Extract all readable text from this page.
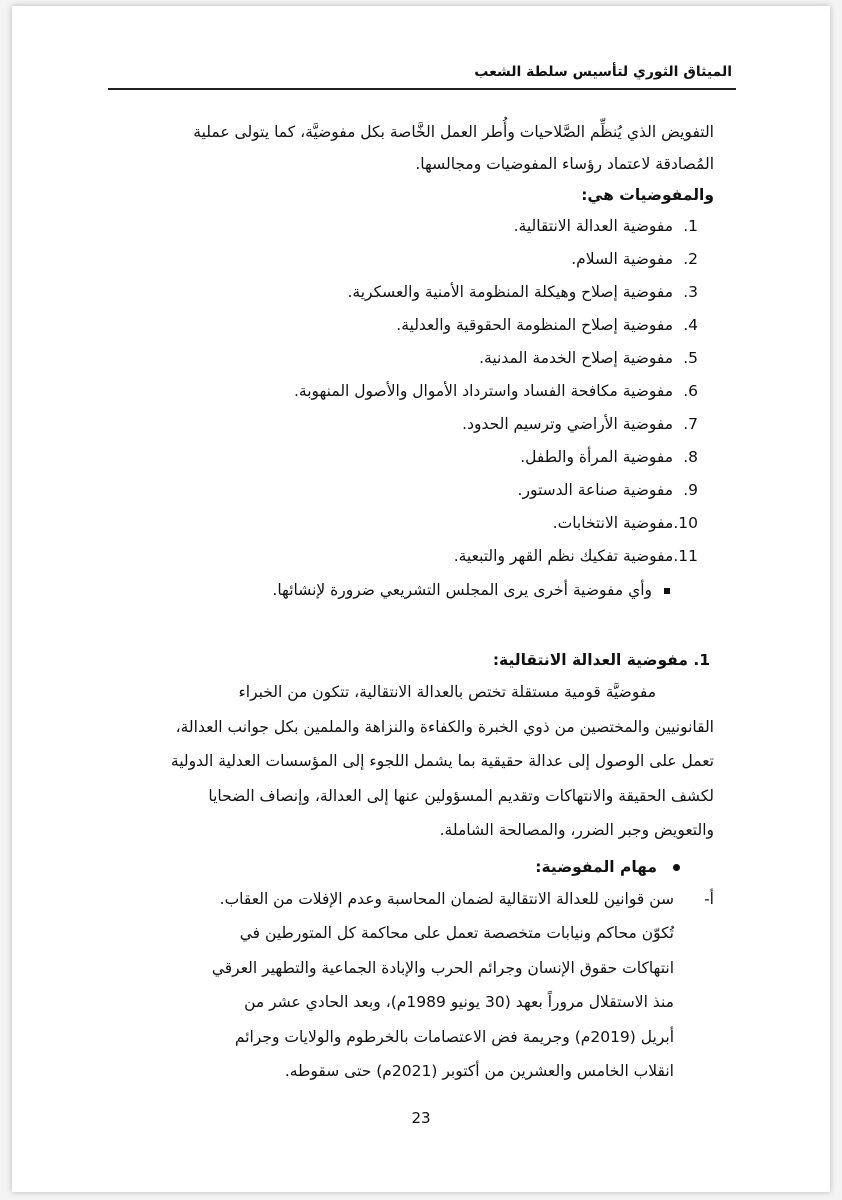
الميثاق الثوري لتأسيس سلطة الشعب

التفويض الذي يُنظِّم الصَّلاحيات وأُطر العمل الخَّاصة بكل مفوضيَّة، كما يتولى عملية
المُصادقة لاعتماد رؤساء المفوضيات ومجالسها.

والمفوضيات هي:

1. مفوضية العدالة الانتقالية.
2. مفوضية السلام.
3. مفوضية إصلاح وهيكلة المنظومة الأمنية والعسكرية.
4. مفوضية إصلاح المنظومة الحقوقية والعدلية.
5. مفوضية إصلاح الخدمة المدنية.
6. مفوضية مكافحة الفساد واسترداد الأموال والأصول المنهوبة.
7. مفوضية الأراضي وترسيم الحدود.
8. مفوضية المرأة والطفل.
9. مفوضية صناعة الدستور.
10.مفوضية الانتخابات.
11.مفوضية تفكيك نظم القهر والتبعية.
وأي مفوضية أخرى يرى المجلس التشريعي ضرورة لإنشائها.
1. مفوضية العدالة الانتقالية:

مفوضيَّة قومية مستقلة تختص بالعدالة الانتقالية، تتكون من الخبراء
القانونيين والمختصين من ذوي الخبرة والكفاءة والنزاهة والملمين بكل جوانب العدالة،
تعمل على الوصول إلى عدالة حقيقية بما يشمل اللجوء إلى المؤسسات العدلية الدولية
لكشف الحقيقة والانتهاكات وتقديم المسؤولين عنها إلى العدالة، وإنصاف الضحايا
والتعويض وجبر الضرر، والمصالحة الشاملة.

مهام المفوضية:
أ-
سن قوانين للعدالة الانتقالية لضمان المحاسبة وعدم الإفلات من العقاب.
تُكوّن محاكم ونيابات متخصصة تعمل على محاكمة كل المتورطين في
انتهاكات حقوق الإنسان وجرائم الحرب والإبادة الجماعية والتطهير العرقي
منذ الاستقلال مروراً بعهد (30 يونيو 1989م)، وبعد الحادي عشر من
أبريل (2019م) وجريمة فض الاعتصامات بالخرطوم والولايات وجرائم
انقلاب الخامس والعشرين من أكتوبر (2021م) حتى سقوطه.
23
